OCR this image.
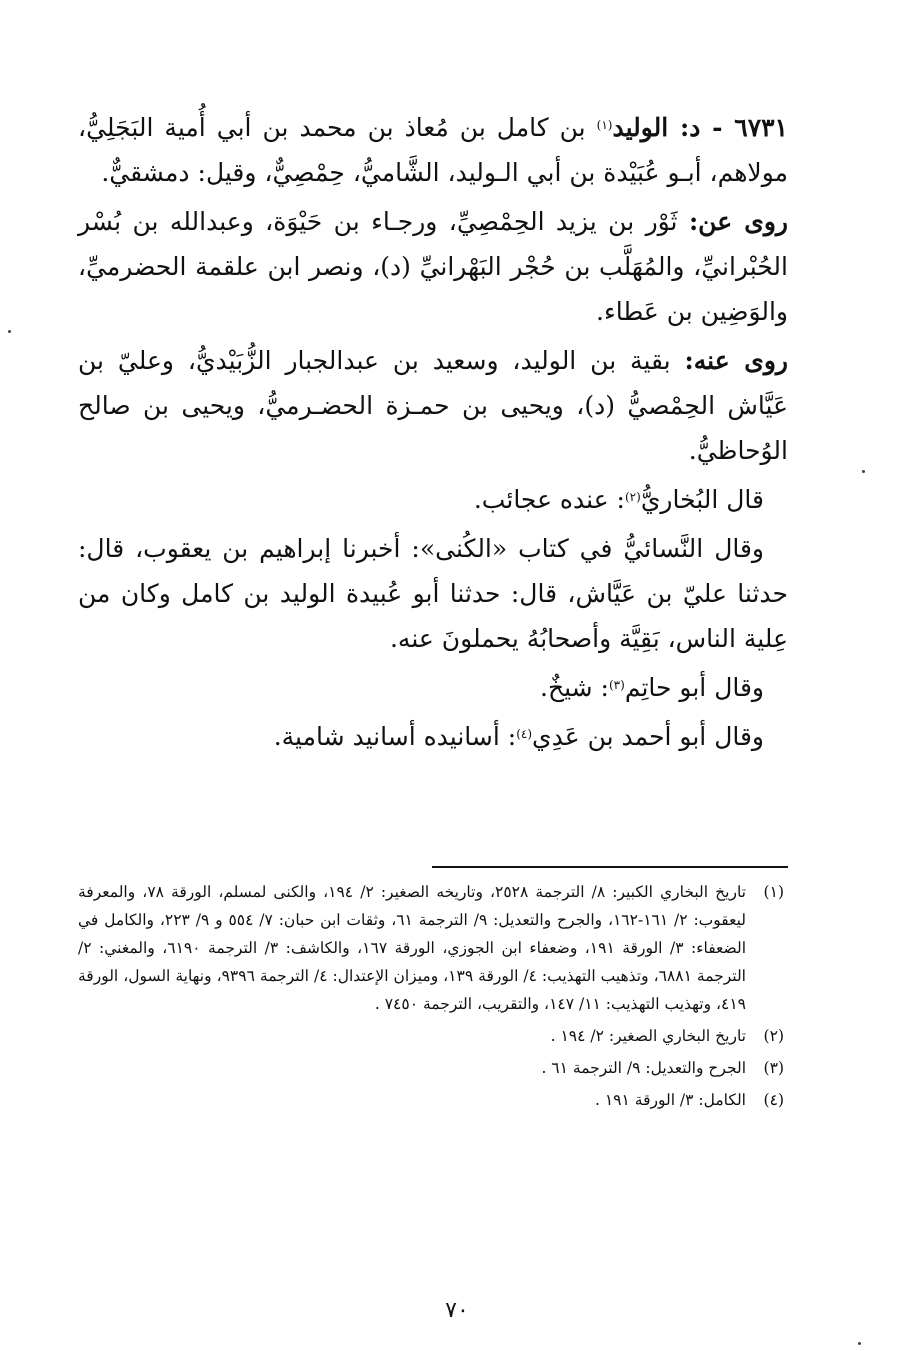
٦٧٣١ - د: الوليد$^{(١)}$ بن كامل بن مُعاذ بن محمد بن أبي أُمية البَجَلِيُّ، مولاهم، أبـو عُبَيْدة بن أبي الـوليد، الشَّاميُّ، حِمْصِيٌّ، وقيل: دمشقيٌّ.

روى عن: ثَوْر بن يزيد الحِمْصِيِّ، ورجـاء بن حَيْوَة، وعبدالله بن بُسْر الحُبْرانيِّ، والمُهَلَّب بن حُجْر البَهْرانيِّ (د)، ونصر ابن علقمة الحضرميِّ، والوَضِين بن عَطاء.

روى عنه: بقية بن الوليد، وسعيد بن عبدالجبار الزُّبَيْديُّ، وعليّ بن عَيَّاش الحِمْصيُّ (د)، ويحيى بن حمـزة الحضـرميُّ، ويحيى بن صالح الوُحاظيُّ.

قال البُخاريُّ$^{(٢)}$: عنده عجائب.

وقال النَّسائيُّ في كتاب «الكُنى»: أخبرنا إبراهيم بن يعقوب، قال: حدثنا عليّ بن عَيَّاش، قال: حدثنا أبو عُبيدة الوليد بن كامل وكان من عِلية الناس، بَقِيَّة وأصحابُهُ يحملونَ عنه.

وقال أبو حاتِم$^{(٣)}$: شيخٌ.

وقال أبو أحمد بن عَدِي$^{(٤)}$: أسانيده أسانيد شامية.

(١)
تاريخ البخاري الكبير: ٨/ الترجمة ٢٥٢٨، وتاريخه الصغير: ٢/ ١٩٤، والكنى لمسلم، الورقة ٧٨، والمعرفة ليعقوب: ٢/ ١٦١-١٦٢، والجرح والتعديل: ٩/ الترجمة ٦١، وثقات ابن حبان: ٧/ ٥٥٤ و ٩/ ٢٢٣، والكامل في الضعفاء: ٣/ الورقة ١٩١، وضعفاء ابن الجوزي، الورقة ١٦٧، والكاشف: ٣/ الترجمة ٦١٩٠، والمغني: ٢/ الترجمة ٦٨٨١، وتذهيب التهذيب: ٤/ الورقة ١٣٩، وميزان الإعتدال: ٤/ الترجمة ٩٣٩٦، ونهاية السول، الورقة ٤١٩، وتهذيب التهذيب: ١١/ ١٤٧، والتقريب، الترجمة ٧٤٥٠ .
(٢)
تاريخ البخاري الصغير: ٢/ ١٩٤ .
(٣)
الجرح والتعديل: ٩/ الترجمة ٦١ .
(٤)
الكامل: ٣/ الورقة ١٩١ .
٧٠
